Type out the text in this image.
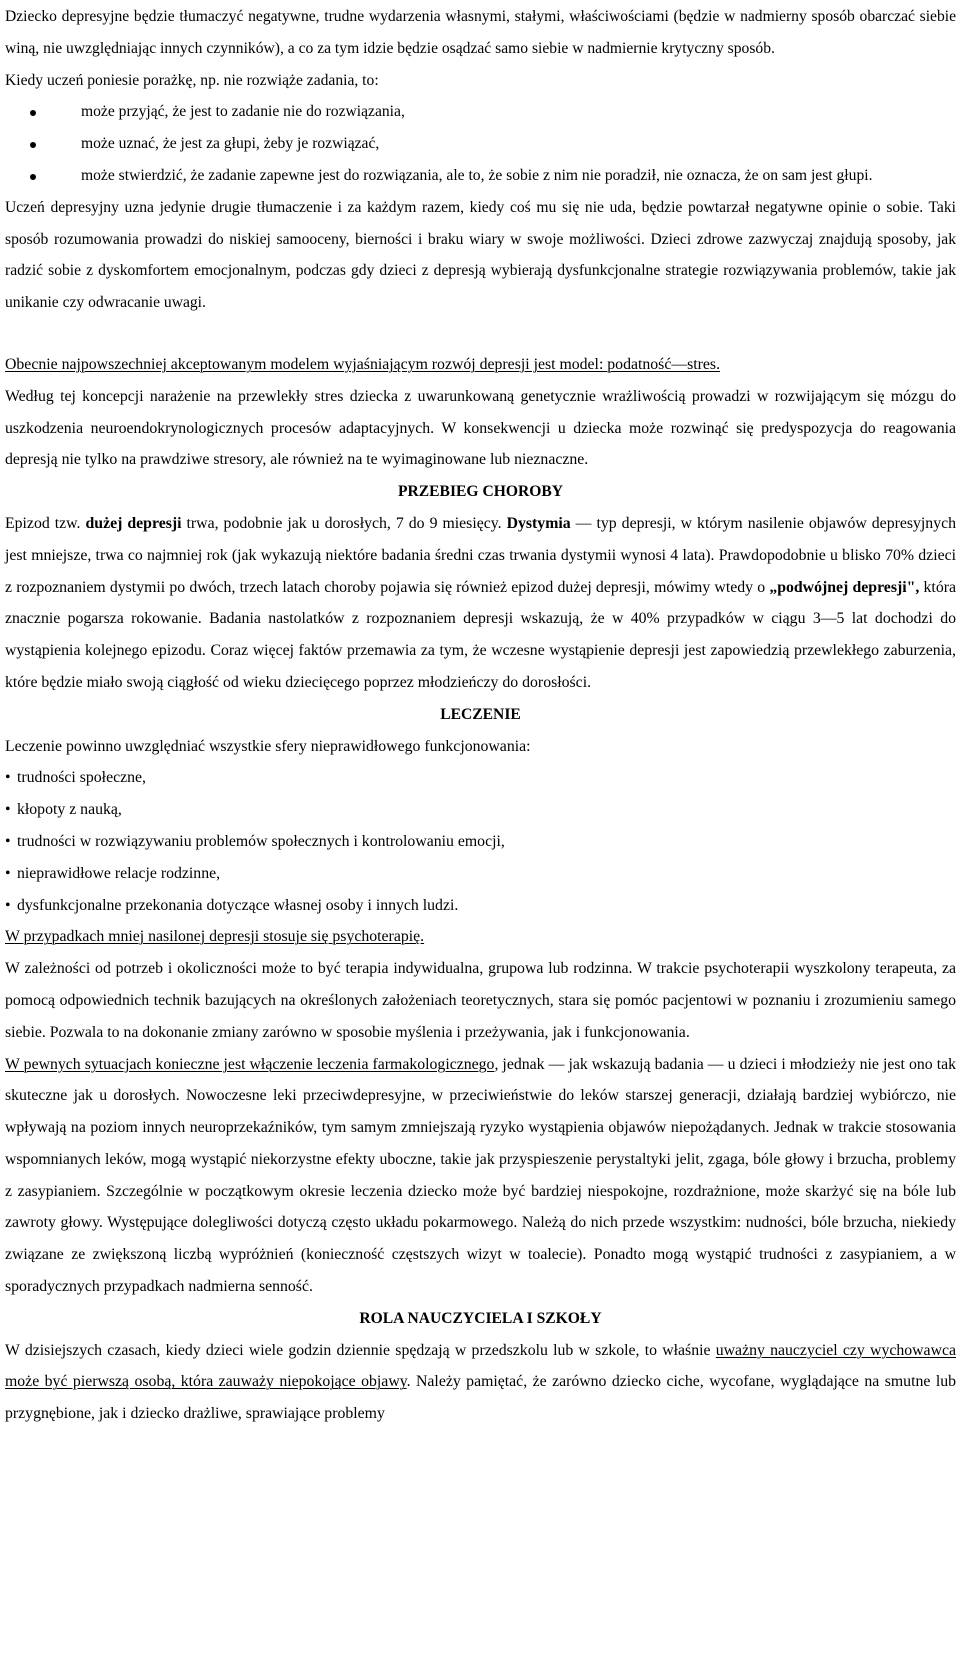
Dziecko depresyjne będzie tłumaczyć negatywne, trudne wydarzenia własnymi, stałymi, właściwościami (będzie w nadmierny sposób obarczać siebie winą, nie uwzględniając innych czynników), a co za tym idzie będzie osądzać samo siebie w nadmiernie krytyczny sposób.

Kiedy uczeń poniesie porażkę, np. nie rozwiąże zadania, to:

może przyjąć, że jest to zadanie nie do rozwiązania,
może uznać, że jest za głupi, żeby je rozwiązać,
może stwierdzić, że zadanie zapewne jest do rozwiązania, ale to, że sobie z nim nie poradził, nie oznacza, że on sam jest głupi.

Uczeń depresyjny uzna jedynie drugie tłumaczenie i za każdym razem, kiedy coś mu się nie uda, będzie powtarzał negatywne opinie o sobie. Taki sposób rozumowania prowadzi do niskiej samooceny, bierności i braku wiary w swoje możliwości. Dzieci zdrowe zazwyczaj znajdują sposoby, jak radzić sobie z dyskomfortem emocjonalnym, podczas gdy dzieci z depresją wybierają dysfunkcjonalne strategie rozwiązywania problemów, takie jak unikanie czy odwracanie uwagi.

Obecnie najpowszechniej akceptowanym modelem wyjaśniającym rozwój depresji jest model: podatność—stres.

Według tej koncepcji narażenie na przewlekły stres dziecka z uwarunkowaną genetycznie wrażliwością prowadzi w rozwijającym się mózgu do uszkodzenia neuroendokrynologicznych procesów adaptacyjnych. W konsekwencji u dziecka może rozwinąć się predyspozycja do reagowania depresją nie tylko na prawdziwe stresory, ale również na te wyimaginowane lub nieznaczne.

PRZEBIEG CHOROBY

Epizod tzw. dużej depresji trwa, podobnie jak u dorosłych, 7 do 9 miesięcy. Dystymia — typ depresji, w którym nasilenie objawów depresyjnych jest mniejsze, trwa co najmniej rok (jak wykazują niektóre badania średni czas trwania dystymii wynosi 4 lata). Prawdopodobnie u blisko 70% dzieci z rozpoznaniem dystymii po dwóch, trzech latach choroby pojawia się również epizod dużej depresji, mówimy wtedy o „podwójnej depresji", która znacznie pogarsza rokowanie. Badania nastolatków z rozpoznaniem depresji wskazują, że w 40% przypadków w ciągu 3—5 lat dochodzi do wystąpienia kolejnego epizodu. Coraz więcej faktów przemawia za tym, że wczesne wystąpienie depresji jest zapowiedzią przewlekłego zaburzenia, które będzie miało swoją ciągłość od wieku dziecięcego poprzez młodzieńczy do dorosłości.

LECZENIE

Leczenie powinno uwzględniać wszystkie sfery nieprawidłowego funkcjonowania:

• trudności społeczne,
• kłopoty z nauką,
• trudności w rozwiązywaniu problemów społecznych i kontrolowaniu emocji,
• nieprawidłowe relacje rodzinne,
• dysfunkcjonalne przekonania dotyczące własnej osoby i innych ludzi.

W przypadkach mniej nasilonej depresji stosuje się psychoterapię.

W zależności od potrzeb i okoliczności może to być terapia indywidualna, grupowa lub rodzinna. W trakcie psychoterapii wyszkolony terapeuta, za pomocą odpowiednich technik bazujących na określonych założeniach teoretycznych, stara się pomóc pacjentowi w poznaniu i zrozumieniu samego siebie. Pozwala to na dokonanie zmiany zarówno w sposobie myślenia i przeżywania, jak i funkcjonowania.

W pewnych sytuacjach konieczne jest włączenie leczenia farmakologicznego, jednak — jak wskazują badania — u dzieci i młodzieży nie jest ono tak skuteczne jak u dorosłych. Nowoczesne leki przeciwdepresyjne, w przeciwieństwie do leków starszej generacji, działają bardziej wybiórczo, nie wpływają na poziom innych neuroprzekaźników, tym samym zmniejszają ryzyko wystąpienia objawów niepożądanych. Jednak w trakcie stosowania wspomnianych leków, mogą wystąpić niekorzystne efekty uboczne, takie jak przyspieszenie perystaltyki jelit, zgaga, bóle głowy i brzucha, problemy z zasypianiem. Szczególnie w początkowym okresie leczenia dziecko może być bardziej niespokojne, rozdrażnione, może skarżyć się na bóle lub zawroty głowy. Występujące dolegliwości dotyczą często układu pokarmowego. Należą do nich przede wszystkim: nudności, bóle brzucha, niekiedy związane ze zwiększoną liczbą wypróżnień (konieczność częstszych wizyt w toalecie). Ponadto mogą wystąpić trudności z zasypianiem, a w sporadycznych przypadkach nadmierna senność.

ROLA NAUCZYCIELA I SZKOŁY

W dzisiejszych czasach, kiedy dzieci wiele godzin dziennie spędzają w przedszkolu lub w szkole, to właśnie uważny nauczyciel czy wychowawca może być pierwszą osobą, która zauważy niepokojące objawy. Należy pamiętać, że zarówno dziecko ciche, wycofane, wyglądające na smutne lub przygnębione, jak i dziecko drażliwe, sprawiające problemy
